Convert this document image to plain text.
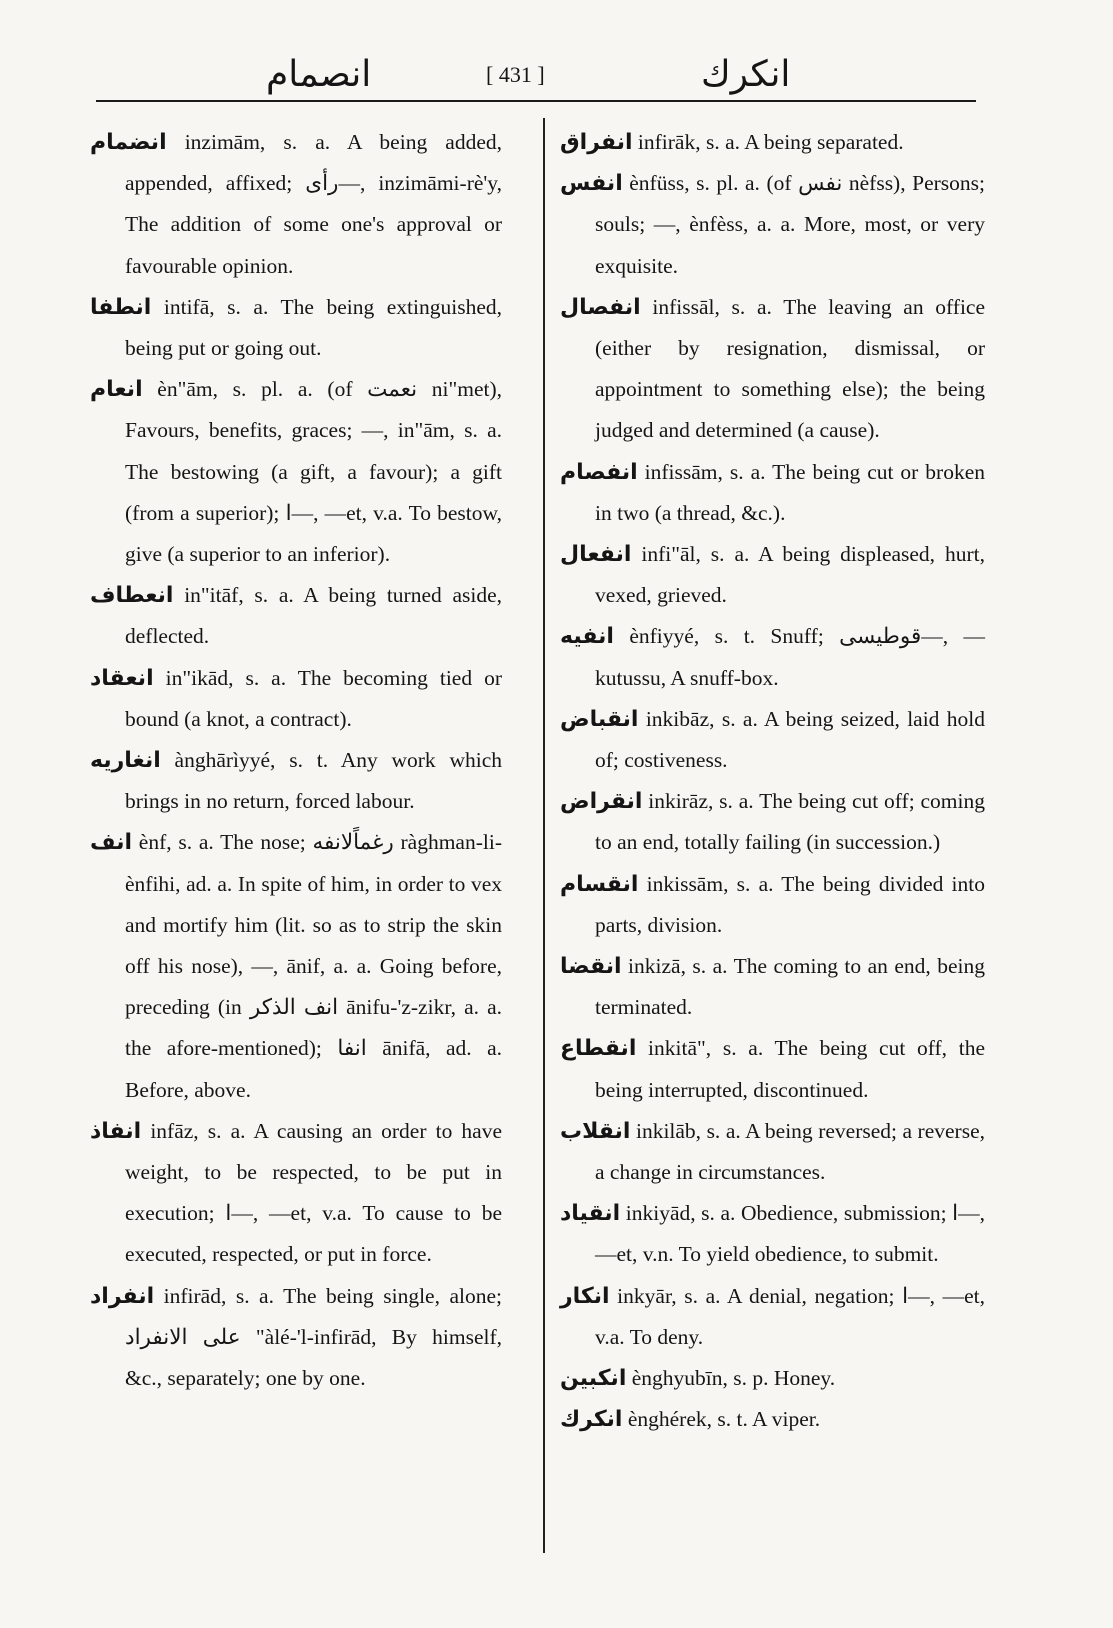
انصمام	[ 431 ]	انكرك

انضمام inzimām, s. a. A being added, appended, affixed; رأى—, inzimāmi-rè'y, The addition of some one's approval or favourable opinion.

انطفا intifā, s. a. The being extinguished, being put or going out.

انعام èn"ām, s. pl. a. (of نعمت ni"met), Favours, benefits, graces; —, in"ām, s. a. The bestowing (a gift, a favour); a gift (from a superior); ا—, —et, v.a. To bestow, give (a superior to an inferior).

انعطاف in"itāf, s. a. A being turned aside, deflected.

انعقاد in"ikād, s. a. The becoming tied or bound (a knot, a contract).

انغاريه ànghārìyyé, s. t. Any work which brings in no return, forced labour.

انف ènf, s. a. The nose; رغماًلانفه ràghman-li-ènfihi, ad. a. In spite of him, in order to vex and mortify him (lit. so as to strip the skin off his nose), —, ānif, a. a. Going before, preceding (in انف الذكر ānifu-'z-zikr, a. a. the afore-mentioned); انفا ānifā, ad. a. Before, above.

انفاذ infāz, s. a. A causing an order to have weight, to be respected, to be put in execution; ا—, —et, v.a. To cause to be executed, respected, or put in force.

انفراد infirād, s. a. The being single, alone; على الانفراد "àlé-'l-infirād, By himself, &c., separately; one by one.

انفراق infirāk, s. a. A being separated.

انفس ènfüss, s. pl. a. (of نفس nèfss), Persons; souls; —, ènfèss, a. a. More, most, or very exquisite.

انفصال infissāl, s. a. The leaving an office (either by resignation, dismissal, or appointment to something else); the being judged and determined (a cause).

انفصام infissām, s. a. The being cut or broken in two (a thread, &c.).

انفعال infi"āl, s. a. A being displeased, hurt, vexed, grieved.

انفيه ènfiyyé, s. t. Snuff; قوطيسى—, —kutussu, A snuff-box.

انقباض inkibāz, s. a. A being seized, laid hold of; costiveness.

انقراض inkirāz, s. a. The being cut off; coming to an end, totally failing (in succession.)

انقسام inkissām, s. a. The being divided into parts, division.

انقضا inkizā, s. a. The coming to an end, being terminated.

انقطاع inkitā", s. a. The being cut off, the being interrupted, discontinued.

انقلاب inkilāb, s. a. A being reversed; a reverse, a change in circumstances.

انقياد inkiyād, s. a. Obedience, submission; ا—, —et, v.n. To yield obedience, to submit.

انكار inkyār, s. a. A denial, negation; ا—, —et, v.a. To deny.

انكبين ènghyubīn, s. p. Honey.

انكرك ènghérek, s. t. A viper.
